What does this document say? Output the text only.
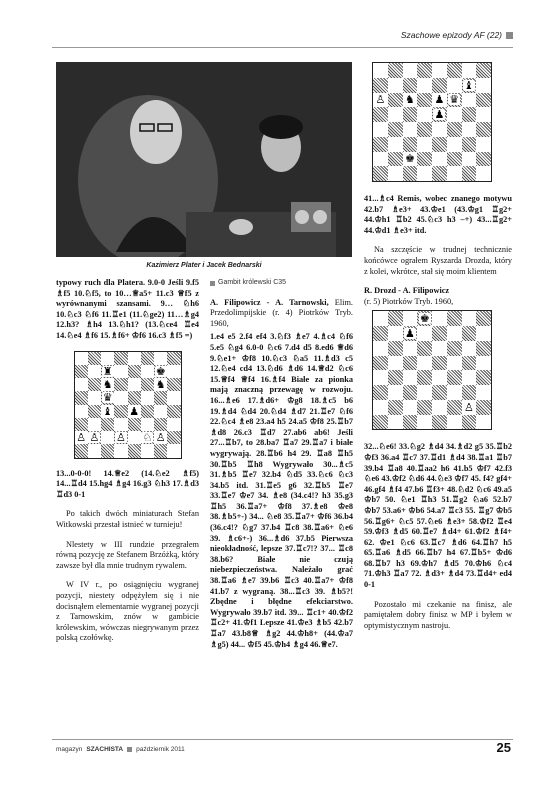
Szachowe epizody AF (22)
Kazimierz Plater i Jacek Bednarski

typowy ruch dla Platera. 9.0-0 Jeśli 9.f5 ♗f5 10.♘f5, to 10…♕a5+ 11.c3 ♕f5 z wyrównanymi szansami. 9… ♘h6 10.♘c3 ♘f6 11.♖e1 (11.♘ge2) 11…♗g4 12.h3? ♗h4 13.♘h1? (13.♘ce4 ♖e4 14.♘e4 ♗f6 15.♗f6+ ♔f6 16.c3 ♗f5 =)

♜	♚
♞	♞
♛
♝ ♟
♙ ♙ ♙ ♘ ♙

13...0-0-0! 14.♕e2 (14.♘e2 ♗f5) 14...♖d4 15.hg4 ♗g4 16.g3 ♘h3 17.♗d3 ♖d3 0-1

Po takich dwóch miniaturach Stefan Witkowski przestał istnieć w turnieju!

Nlestety w III rundzie przegrałem równą pozycję ze Stefanem Brzóżką, który zawsze był dla mnie trudnym rywalem.

W IV r., po osiągnięciu wygranej pozycji, niestety odpężyłem się i nie docisnąłem elementarnie wygranej pozycji z Tarnowskim, znów w gambicie królewskim, wówczas niegrywanym przez polską czołówkę.

Gambit królewski C35

A. Filipowicz - A. Tarnowski, Elim. Przedolimpijskie (r. 4) Piotrków Tryb. 1960,

1.e4 e5 2.f4 ef4 3.♘f3 ♗e7 4.♗c4 ♘f6 5.e5 ♘g4 6.0-0 ♘c6 7.d4 d5 8.ed6 ♕d6 9.♘e1+ ♔f8 10.♘c3 ♘a5 11.♗d3 c5 12.♘e4 cd4 13.♘d6 ♗d6 14.♕d2 ♘c6 15.♕f4 ♕f4 16.♗f4 Białe za pionka mają znaczną przewagę w rozwoju. 16...♗e6 17.♗d6+ ♔g8 18.♗c5 b6 19.♗d4 ♘d4 20.♘d4 ♗d7 21.♖e7 ♘f6 22.♘c4 ♗e8 23.a4 h5 24.a5 ♔f8 25.♖b7 ♗d8 26.c3 ♖d7 27.ab6 ab6! Jeśli 27...♖b7, to 28.ba7 ♖a7 29.♖a7 i białe wygrywają. 28.♖b6 h4 29. ♖a8 ♖h5 30.♖b5 ♖h8 Wygrywało 30...♗c5 31.♗b5 ♖e7 32.b4 ♘d5 33.♘c6 ♘c3 34.b5 itd. 31.♖e5 g6 32.♖b5 ♖e7 33.♖e7 ♔e7 34. ♗e8 (34.c4!? h3 35.g3 ♖h5 36.♖a7+ ♔f8 37.♗e8 ♔e8 38.♗b5+-) 34... ♘e8 35.♖a7+ ♔f6 36.b4 (36.c4!? ♘g7 37.b4 ♖c8 38.♖a6+ ♘e6 39. ♗c6+-) 36...♗d6 37.b5 Pierwsza nieokładność, lepsze 37.♖c7!? 37... ♖c8 38.b6? Białe nie czują niebezpieczeństwa. Należało grać 38.♖a6 ♗e7 39.b6 ♖c3 40.♖a7+ ♔f8 41.b7 z wygraną. 38...♖c3 39. ♗b5?! Zbędne i błędne efekciarstwo. Wygrywało 39.b7 itd. 39... ♖c1+ 40.♔f2 ♖c2+ 41.♔f1 Lepsze 41.♔e3 ♗b5 42.b7 ♖a7 43.b8♕ ♗g2 44.♔h8+ (44.♔a7 ♗g5) 44... ♔f5 45.♔h4 ♗g4 46.♕e7.

♝
♙ ♞ ♟ ♛
♟
♚

41...♗c4 Remis, wobec znanego motywu 42.b7 ♗e3+ 43.♔e1 (43.♔g1 ♖g2+ 44.♔h1 ♖b2 45.♘c3 h3 –+) 43...♖g2+ 44.♔d1 ♗e3+ itd.

Na szczęście w trudnej technicznie końcówce ograłem Ryszarda Drozda, który z kolei, wkrótce, stał się moim klientem

R. Drozd - A. Filipowicz
(r. 5) Piotrków Tryb. 1960,

♚
♟
♙

32...♘e6! 33.♘g2 ♗d4 34.♗d2 g5 35.♖b2 ♔f3 36.a4 ♖c7 37.♖d1 ♗d4 38.♖a1 ♖b7 39.b4 ♖a8 40.♖aa2 h6 41.b5 ♔f7 42.f3 ♘e6 43.♔f2 ♘d6 44.♘e3 ♔f7 45. f4? gf4+ 46.gf4 ♗f4 47.b6 ♖f3+ 48.♘d2 ♘c6 49.a5 ♔b7 50. ♘e1 ♖h3 51.♖g2 ♘a6 52.b7 ♔b7 53.a6+ ♔b6 54.a7 ♖c3 55. ♖g7 ♔b5 56.♖g6+ ♘c5 57.♘e6 ♗e3+ 58.♔f2 ♖e4 59.♔f3 ♗d5 60.♖e7 ♗d4+ 61.♔f2 ♗f4+ 62. ♔e1 ♘c6 63.♖c7 ♗d6 64.♖h7 h5 65.♖a6 ♗d5 66.♖b7 h4 67.♖b5+ ♔d6 68.♖b7 h3 69.♔h7 ♗d5 70.♔h6 ♘c4 71.♔h3 ♖a7 72. ♗d3+ ♗d4 73.♖d4+ ed4 0-1

Pozostało mi czekanie na finisz, ale pamiętałem dobry finisz w MP i byłem w optymistycznym nastroju.

magazyn SZACHISTA październik 2011	25
